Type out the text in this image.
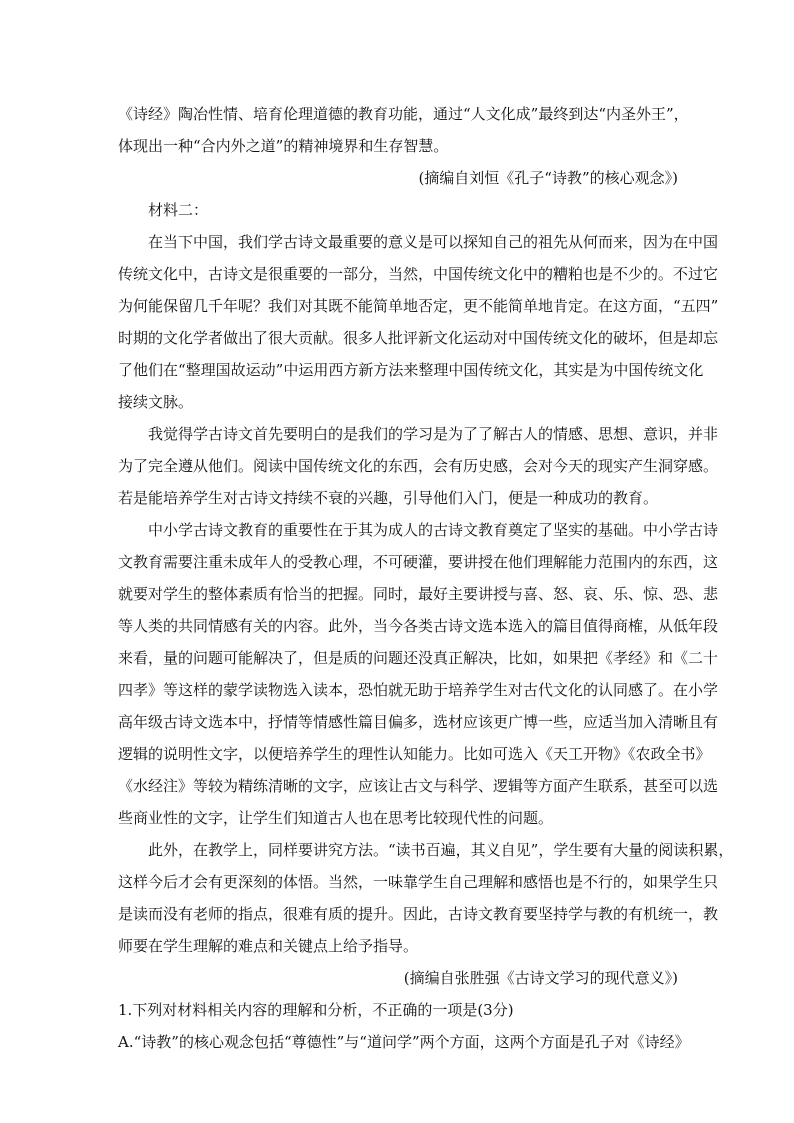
《诗经》陶冶性情、培育伦理道德的教育功能，通过“人文化成”最终到达“内圣外王”，
体现出一种“合内外之道”的精神境界和生存智慧。
(摘编自刘恒《孔子“诗教”的核心观念》)
材料二：
在当下中国，我们学古诗文最重要的意义是可以探知自己的祖先从何而来，因为在中国
传统文化中，古诗文是很重要的一部分，当然，中国传统文化中的糟粕也是不少的。不过它
为何能保留几千年呢？我们对其既不能简单地否定，更不能简单地肯定。在这方面，“五四”
时期的文化学者做出了很大贡献。很多人批评新文化运动对中国传统文化的破坏，但是却忘
了他们在“整理国故运动”中运用西方新方法来整理中国传统文化，其实是为中国传统文化
接续文脉。
我觉得学古诗文首先要明白的是我们的学习是为了了解古人的情感、思想、意识，并非
为了完全遵从他们。阅读中国传统文化的东西，会有历史感，会对今天的现实产生洞穿感。
若是能培养学生对古诗文持续不衰的兴趣，引导他们入门，便是一种成功的教育。
中小学古诗文教育的重要性在于其为成人的古诗文教育奠定了坚实的基础。中小学古诗
文教育需要注重未成年人的受教心理，不可硬灌，要讲授在他们理解能力范围内的东西，这
就要对学生的整体素质有恰当的把握。同时，最好主要讲授与喜、怒、哀、乐、惊、恐、悲
等人类的共同情感有关的内容。此外，当今各类古诗文选本选入的篇目值得商榷，从低年段
来看，量的问题可能解决了，但是质的问题还没真正解决，比如，如果把《孝经》和《二十
四孝》等这样的蒙学读物选入读本，恐怕就无助于培养学生对古代文化的认同感了。在小学
高年级古诗文选本中，抒情等情感性篇目偏多，选材应该更广博一些，应适当加入清晰且有
逻辑的说明性文字，以便培养学生的理性认知能力。比如可选入《天工开物》《农政全书》
《水经注》等较为精练清晰的文字，应该让古文与科学、逻辑等方面产生联系，甚至可以选
些商业性的文字，让学生们知道古人也在思考比较现代性的问题。
此外，在教学上，同样要讲究方法。“读书百遍，其义自见”，学生要有大量的阅读积累，
这样今后才会有更深刻的体悟。当然，一味靠学生自己理解和感悟也是不行的，如果学生只
是读而没有老师的指点，很难有质的提升。因此，古诗文教育要坚持学与教的有机统一，教
师要在学生理解的难点和关键点上给予指导。
(摘编自张胜强《古诗文学习的现代意义》)
1.下列对材料相关内容的理解和分析，不正确的一项是(3分)
A.“诗教”的核心观念包括“尊德性”与“道问学”两个方面，这两个方面是孔子对《诗经》
